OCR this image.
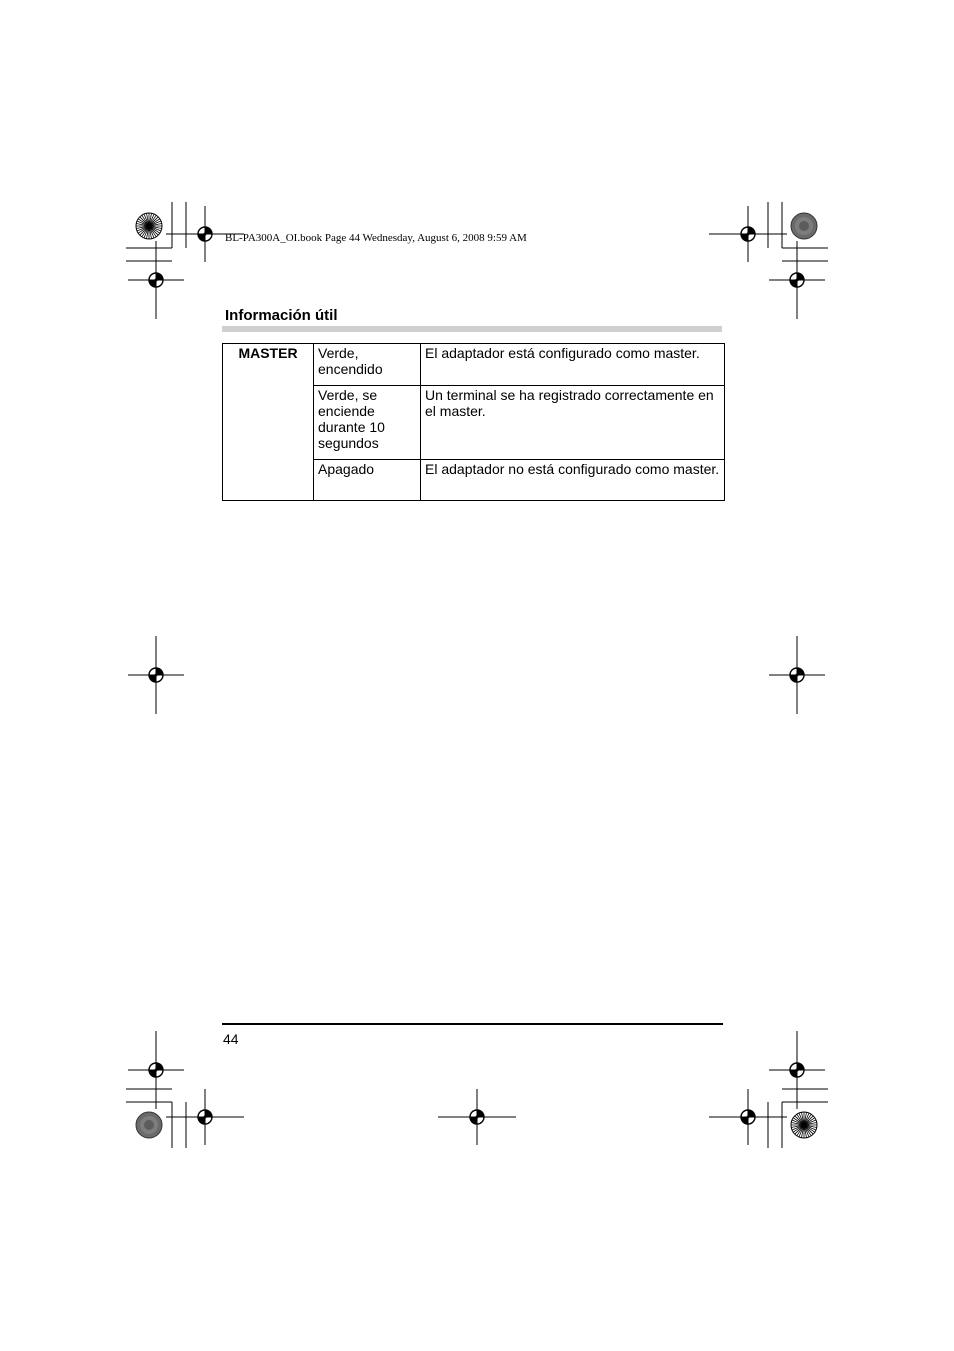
BL-PA300A_OI.book Page 44 Wednesday, August 6, 2008 9:59 AM
Información útil
MASTER	Verde, encendido	El adaptador está configurado como master.
	Verde, se enciende durante 10 segundos	Un terminal se ha registrado correctamente en el master.
	Apagado	El adaptador no está configurado como master.
44
